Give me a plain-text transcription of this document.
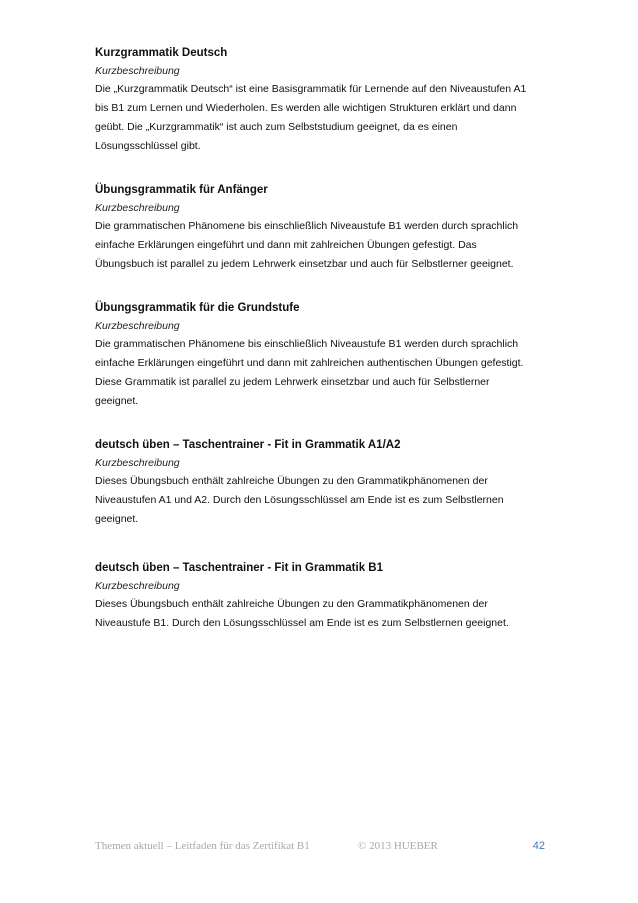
Kurzgrammatik Deutsch

Kurzbeschreibung

Die „Kurzgrammatik Deutsch“ ist eine Basisgrammatik für Lernende auf den Niveaustufen A1
bis B1 zum Lernen und Wiederholen. Es werden alle wichtigen Strukturen erklärt und dann
geübt. Die „Kurzgrammatik“ ist auch zum Selbststudium geeignet, da es einen
Lösungsschlüssel gibt.

Übungsgrammatik für Anfänger

Kurzbeschreibung

Die grammatischen Phänomene bis einschließlich Niveaustufe B1 werden durch sprachlich
einfache Erklärungen eingeführt und dann mit zahlreichen Übungen gefestigt. Das
Übungsbuch ist parallel zu jedem Lehrwerk einsetzbar und auch für Selbstlerner geeignet.

Übungsgrammatik für die Grundstufe

Kurzbeschreibung

Die grammatischen Phänomene bis einschließlich Niveaustufe B1 werden durch sprachlich
einfache Erklärungen eingeführt und dann mit zahlreichen authentischen Übungen gefestigt.
Diese Grammatik ist parallel zu jedem Lehrwerk einsetzbar und auch für Selbstlerner
geeignet.

deutsch üben – Taschentrainer - Fit in Grammatik A1/A2

Kurzbeschreibung

Dieses Übungsbuch enthält zahlreiche Übungen zu den Grammatikphänomenen der
Niveaustufen A1 und A2. Durch den Lösungsschlüssel am Ende ist es zum Selbstlernen
geeignet.

deutsch üben – Taschentrainer - Fit in Grammatik B1

Kurzbeschreibung

Dieses Übungsbuch enthält zahlreiche Übungen zu den Grammatikphänomenen der
Niveaustufe B1. Durch den Lösungsschlüssel am Ende ist es zum Selbstlernen geeignet.

Themen aktuell – Leitfaden für das Zertifikat B1	© 2013 HUEBER	42
